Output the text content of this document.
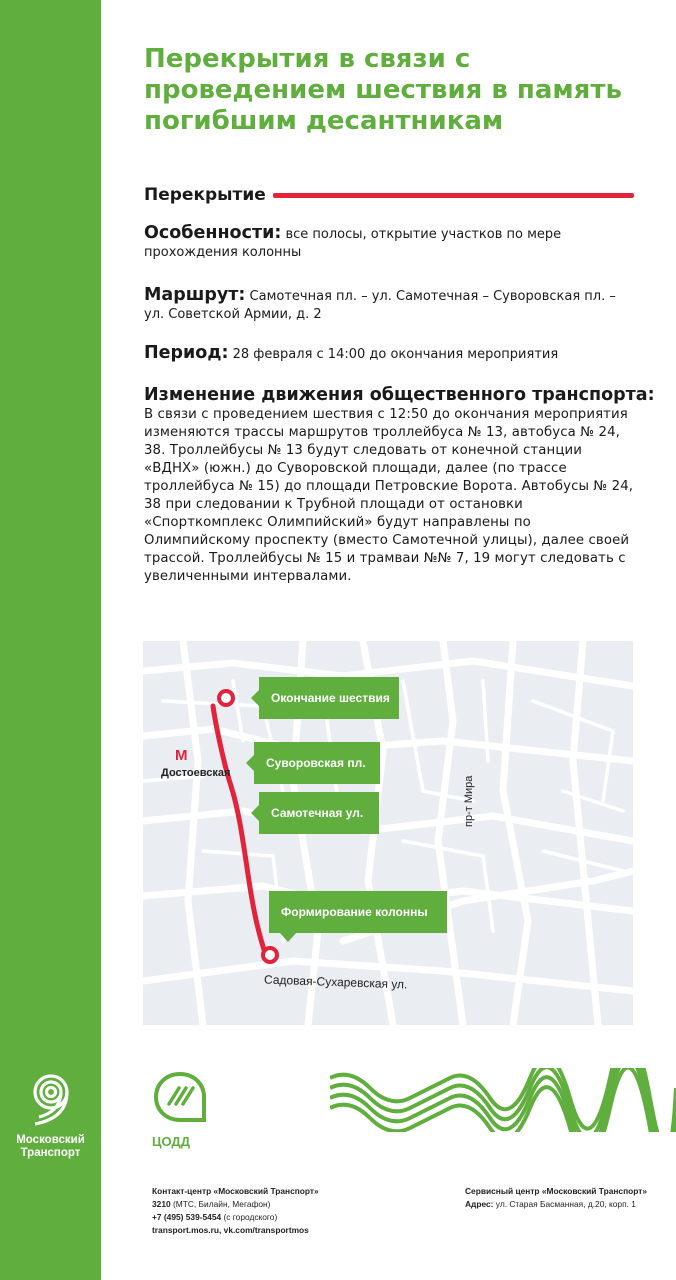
Московский
Транспорт
Перекрытия в связи с проведением шествия в память погибшим десантникам
Перекрытие
Особенности: все полосы, открытие участков по мере прохождения колонны
Маршрут: Самотечная пл. – ул. Самотечная – Суворовская пл. – ул. Советской Армии, д. 2
Период: 28 февраля с 14:00 до окончания мероприятия
Изменение движения общественного транспорта:
В связи с проведением шествия с 12:50 до окончания мероприятия изменяются трассы маршрутов троллейбуса № 13, автобуса № 24, 38. Троллейбусы № 13 будут следовать от конечной станции «ВДНХ» (южн.) до Суворовской площади, далее (по трассе троллейбуса № 15) до площади Петровские Ворота. Автобусы № 24, 38 при следовании к Трубной площади от остановки «Спорткомплекс Олимпийский» будут направлены по Олимпийскому проспекту (вместо Самотечной улицы), далее своей трассой. Троллейбусы № 15 и трамваи №№ 7, 19 могут следовать с увеличенными интервалами.
Окончание шествия
Суворовская пл.
Самотечная ул.
Формирование колонны
М
Достоевская
пр-т Мира
Садовая-Сухаревская ул.
ЦОДД
Контакт-центр «Московский Транспорт»
3210 (МТС, Билайн, Мегафон)
+7 (495) 539-5454 (с городского)
transport.mos.ru, vk.com/transportmos
Сервисный центр «Московский Транспорт»
Адрес: ул. Старая Басманная, д.20, корп. 1
